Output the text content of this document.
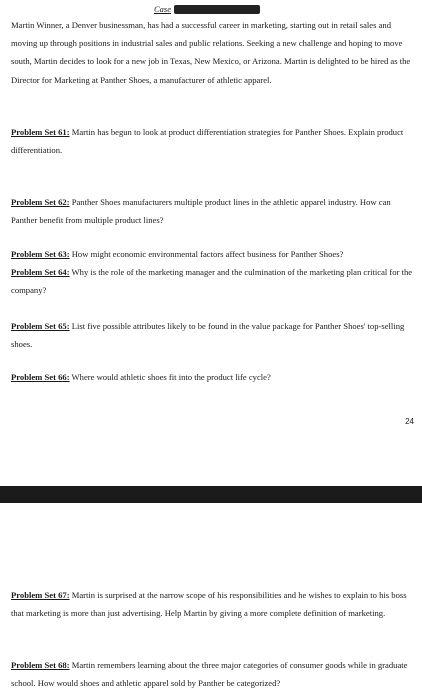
Case

Martin Winner, a Denver businessman, has had a successful career in marketing, starting out in retail sales and moving up through positions in industrial sales and public relations. Seeking a new challenge and hoping to move south, Martin decides to look for a new job in Texas, New Mexico, or Arizona. Martin is delighted to be hired as the Director for Marketing at Panther Shoes, a manufacturer of athletic apparel.

Problem Set 61: Martin has begun to look at product differentiation strategies for Panther Shoes. Explain product differentiation.

Problem Set 62: Panther Shoes manufacturers multiple product lines in the athletic apparel industry. How can Panther benefit from multiple product lines?

Problem Set 63: How might economic environmental factors affect business for Panther Shoes?

Problem Set 64: Why is the role of the marketing manager and the culmination of the marketing plan critical for the company?

Problem Set 65: List five possible attributes likely to be found in the value package for Panther Shoes' top-selling shoes.

Problem Set 66: Where would athletic shoes fit into the product life cycle?

24

Problem Set 67: Martin is surprised at the narrow scope of his responsibilities and he wishes to explain to his boss that marketing is more than just advertising. Help Martin by giving a more complete definition of marketing.

Problem Set 68: Martin remembers learning about the three major categories of consumer goods while in graduate school. How would shoes and athletic apparel sold by Panther be categorized?
